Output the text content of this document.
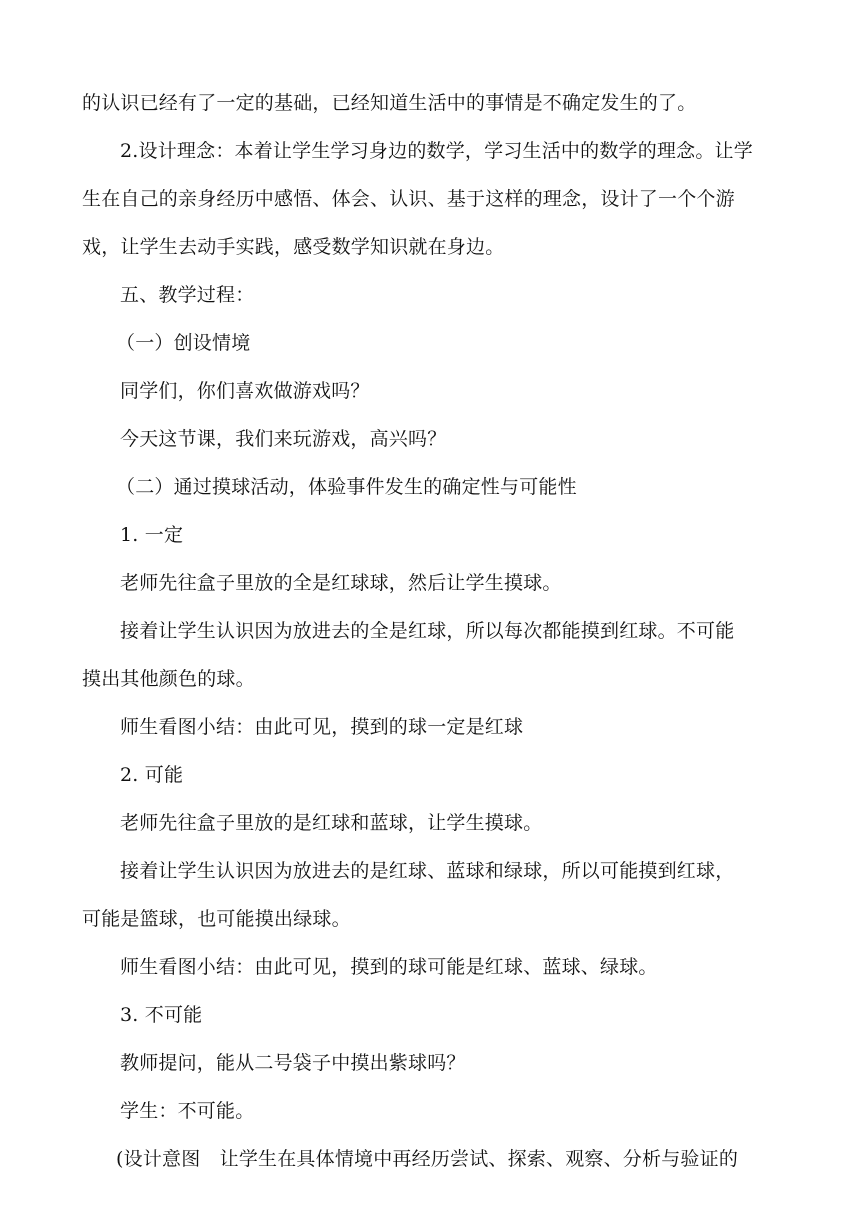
的认识已经有了一定的基础，已经知道生活中的事情是不确定发生的了。
2.设计理念：本着让学生学习身边的数学，学习生活中的数学的理念。让学
生在自己的亲身经历中感悟、体会、认识、基于这样的理念，设计了一个个游
戏，让学生去动手实践，感受数学知识就在身边。
五、教学过程：
（一）创设情境
同学们，你们喜欢做游戏吗？
今天这节课，我们来玩游戏，高兴吗？
（二）通过摸球活动，体验事件发生的确定性与可能性
1. 一定
老师先往盒子里放的全是红球球，然后让学生摸球。
接着让学生认识因为放进去的全是红球，所以每次都能摸到红球。不可能
摸出其他颜色的球。
师生看图小结：由此可见，摸到的球一定是红球
2. 可能
老师先往盒子里放的是红球和蓝球，让学生摸球。
接着让学生认识因为放进去的是红球、蓝球和绿球，所以可能摸到红球，
可能是篮球，也可能摸出绿球。
师生看图小结：由此可见，摸到的球可能是红球、蓝球、绿球。
3. 不可能
教师提问，能从二号袋子中摸出紫球吗？
学生：不可能。
(设计意图　让学生在具体情境中再经历尝试、探索、观察、分析与验证的
